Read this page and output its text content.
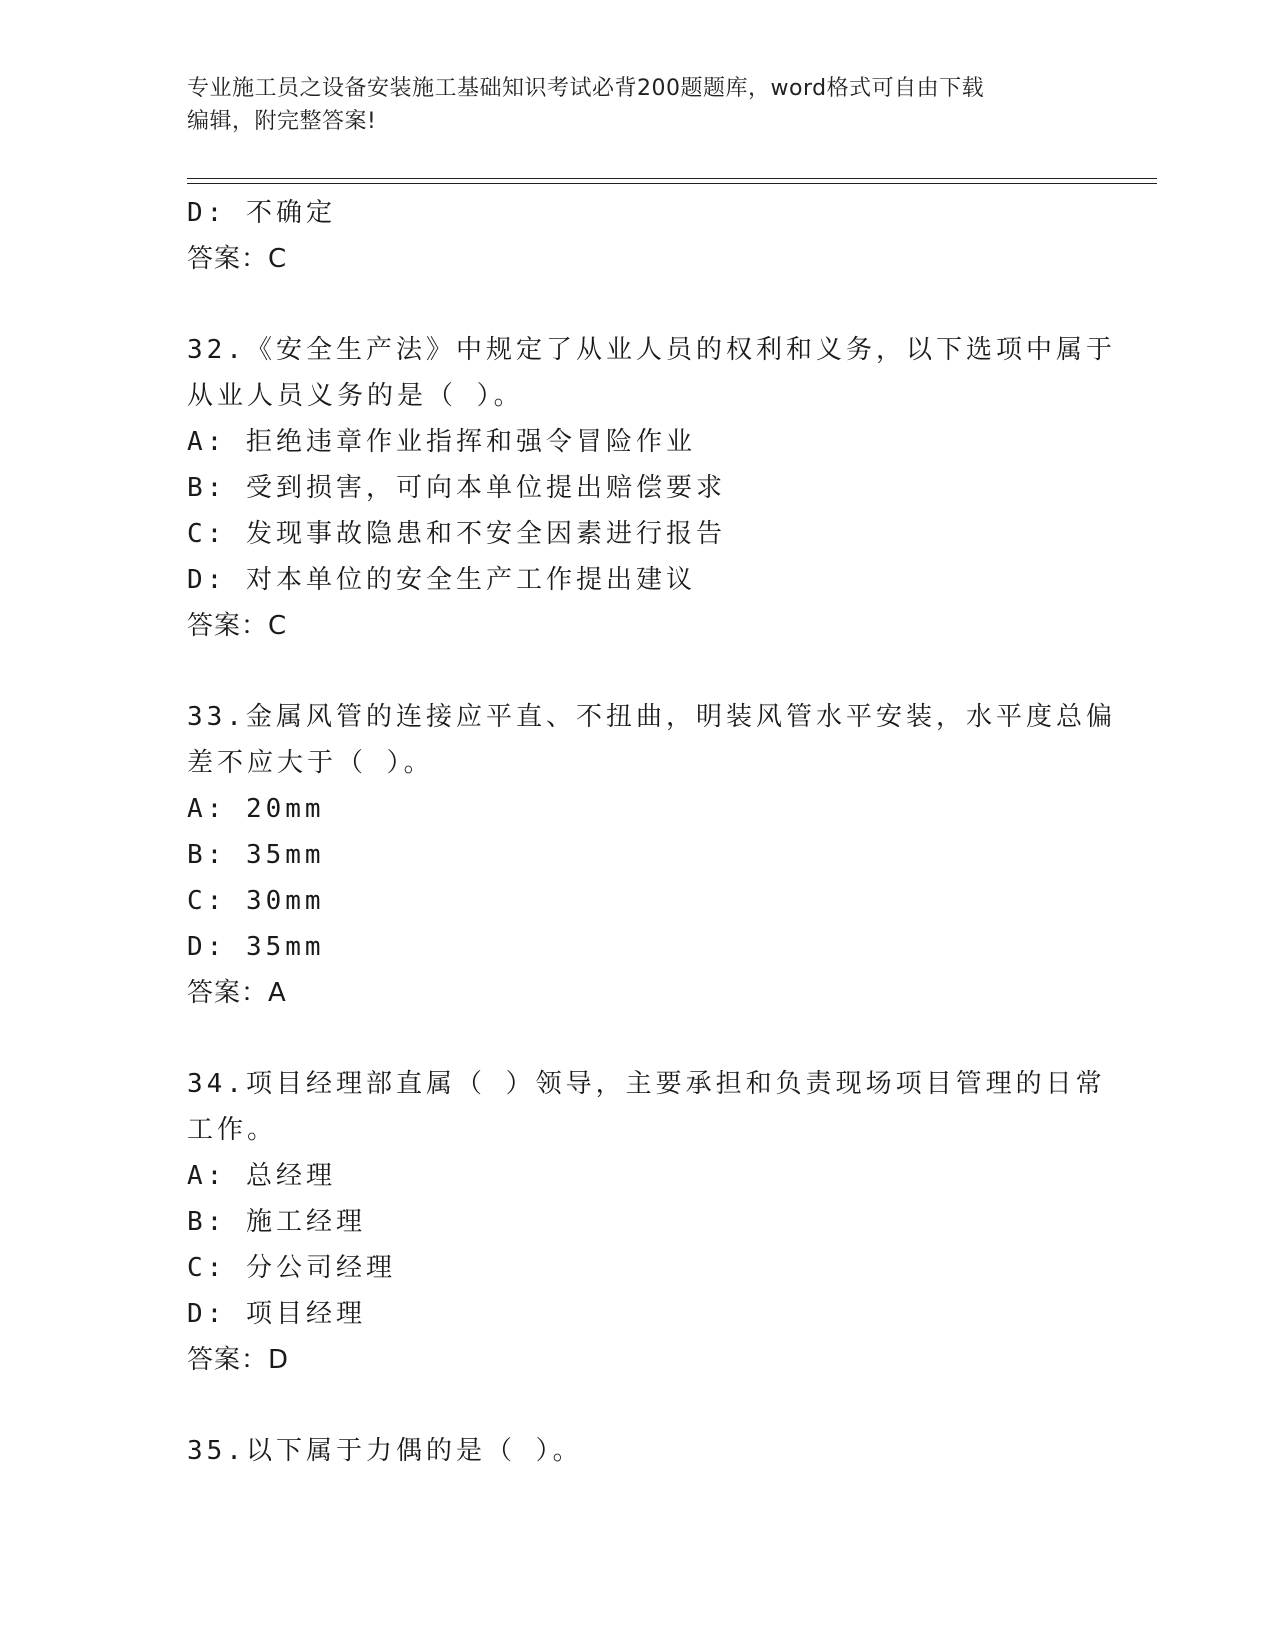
专业施工员之设备安装施工基础知识考试必背200题题库，word格式可自由下载
编辑，附完整答案!
D: 不确定
答案：C
32.《安全生产法》中规定了从业人员的权利和义务，以下选项中属于
从业人员义务的是（ ）。
A: 拒绝违章作业指挥和强令冒险作业
B: 受到损害，可向本单位提出赔偿要求
C: 发现事故隐患和不安全因素进行报告
D: 对本单位的安全生产工作提出建议
答案：C
33.金属风管的连接应平直、不扭曲，明装风管水平安装，水平度总偏
差不应大于（ ）。
A: 20mm
B: 35mm
C: 30mm
D: 35mm
答案：A
34.项目经理部直属（ ）领导，主要承担和负责现场项目管理的日常
工作。
A: 总经理
B: 施工经理
C: 分公司经理
D: 项目经理
答案：D
35.以下属于力偶的是（ ）。
